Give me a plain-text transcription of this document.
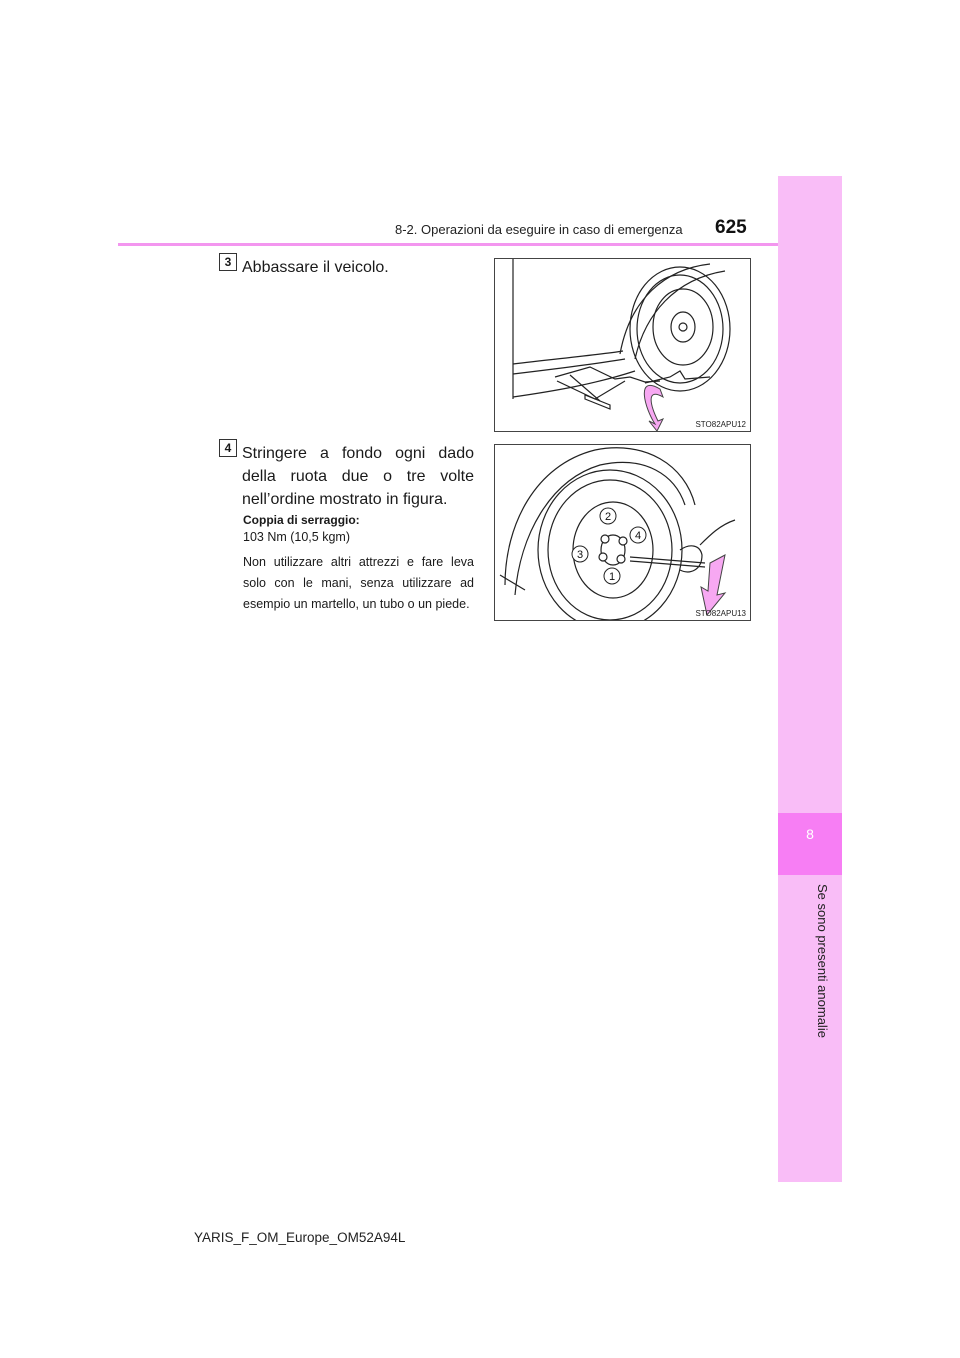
8
Se sono presenti anomalie
8-2. Operazioni da eseguire in caso di emergenza 625
3 Abbassare il veicolo.
STO82APU12
4 Stringere a fondo ogni dado della ruota due o tre volte nell’ordine mostrato in figura.
Coppia di serraggio:
103 Nm (10,5 kgm)
Non utilizzare altri attrezzi e fare leva solo con le mani, senza utilizzare ad esempio un martello, un tubo o un piede.
2
4
3
1
STO82APU13
YARIS_F_OM_Europe_OM52A94L
